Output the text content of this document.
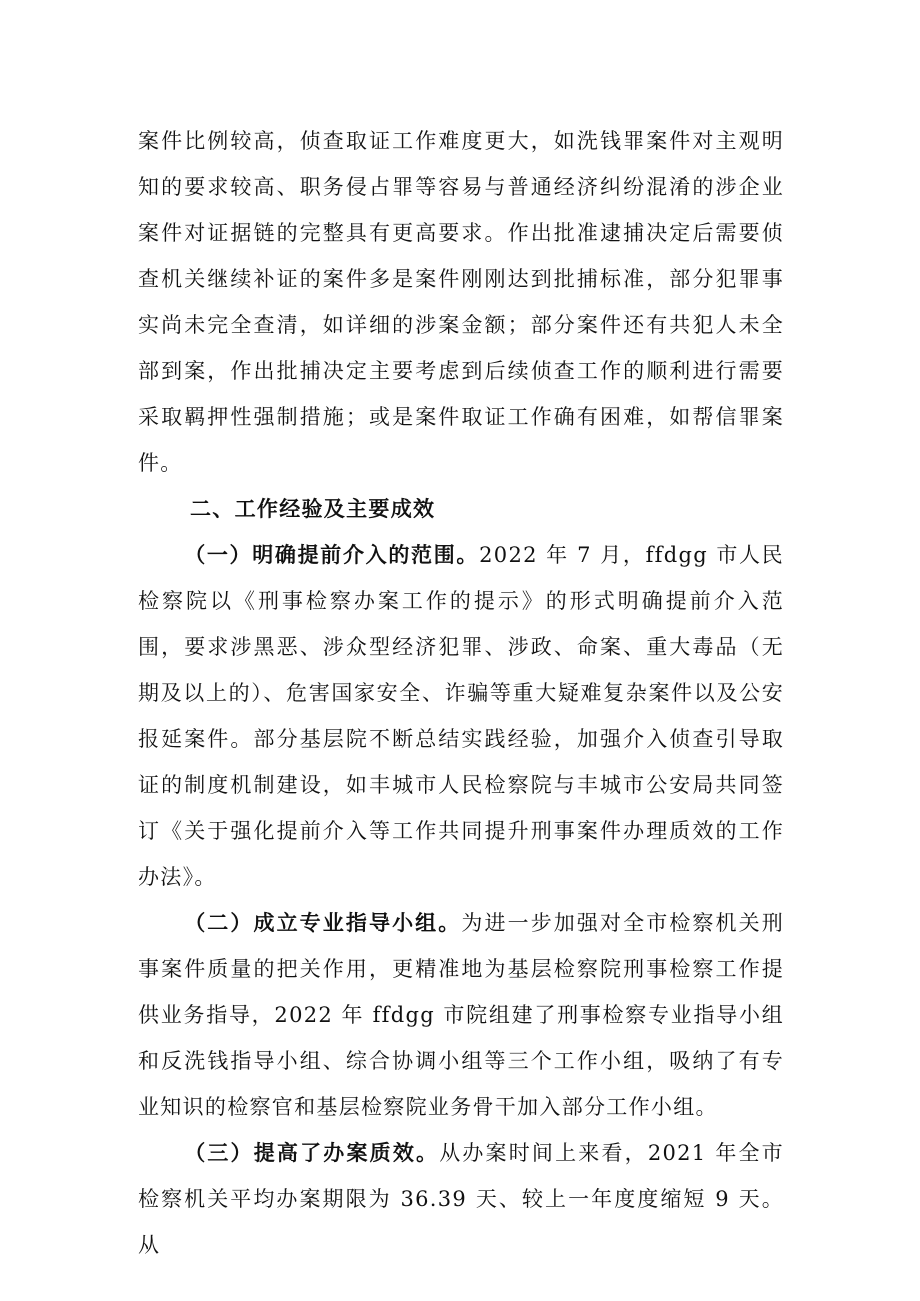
案件比例较高，侦查取证工作难度更大，如洗钱罪案件对主观明知的要求较高、职务侵占罪等容易与普通经济纠纷混淆的涉企业案件对证据链的完整具有更高要求。作出批准逮捕决定后需要侦查机关继续补证的案件多是案件刚刚达到批捕标准，部分犯罪事实尚未完全查清，如详细的涉案金额；部分案件还有共犯人未全部到案，作出批捕决定主要考虑到后续侦查工作的顺利进行需要采取羁押性强制措施；或是案件取证工作确有困难，如帮信罪案件。

二、工作经验及主要成效

（一）明确提前介入的范围。2022 年 7 月，ffdgg 市人民检察院以《刑事检察办案工作的提示》的形式明确提前介入范围，要求涉黑恶、涉众型经济犯罪、涉政、命案、重大毒品（无期及以上的）、危害国家安全、诈骗等重大疑难复杂案件以及公安报延案件。部分基层院不断总结实践经验，加强介入侦查引导取证的制度机制建设，如丰城市人民检察院与丰城市公安局共同签订《关于强化提前介入等工作共同提升刑事案件办理质效的工作办法》。

（二）成立专业指导小组。为进一步加强对全市检察机关刑事案件质量的把关作用，更精准地为基层检察院刑事检察工作提供业务指导，2022 年 ffdgg 市院组建了刑事检察专业指导小组和反洗钱指导小组、综合协调小组等三个工作小组，吸纳了有专业知识的检察官和基层检察院业务骨干加入部分工作小组。

（三）提高了办案质效。从办案时间上来看，2021 年全市检察机关平均办案期限为 36.39 天、较上一年度度缩短 9 天。从
